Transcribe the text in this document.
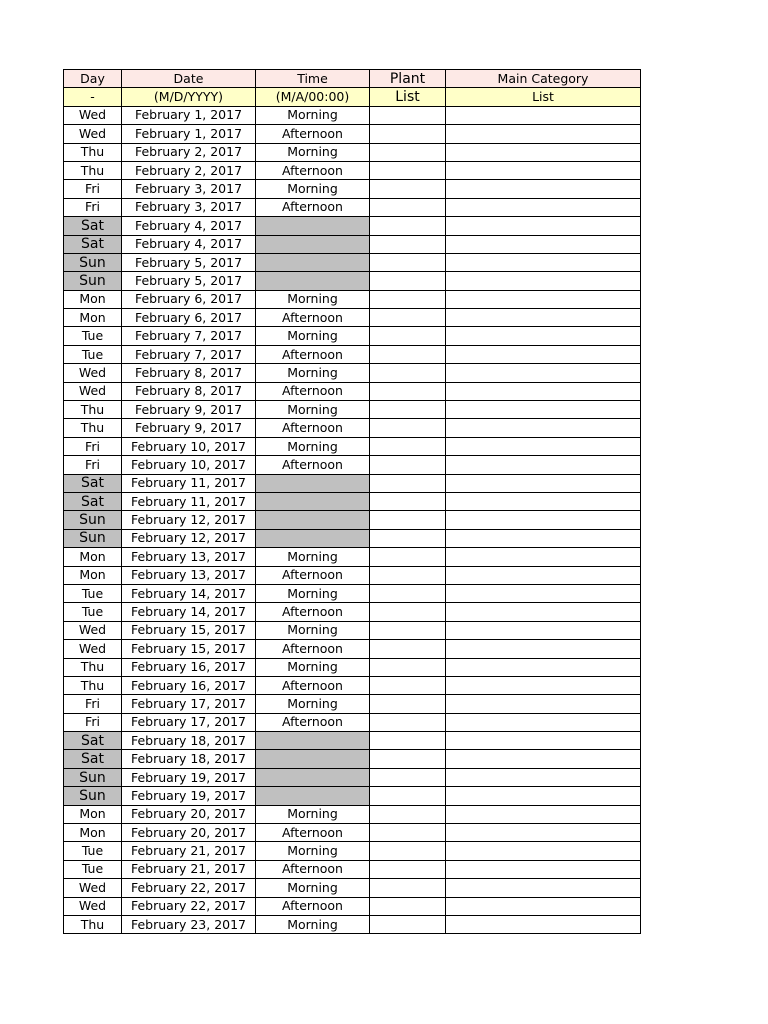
Day	Date	Time	Plant	Main Category
-	(M/D/YYYY)	(M/A/00:00)	List	List
Wed	February 1, 2017	Morning		
Wed	February 1, 2017	Afternoon		
Thu	February 2, 2017	Morning		
Thu	February 2, 2017	Afternoon		
Fri	February 3, 2017	Morning		
Fri	February 3, 2017	Afternoon		
Sat	February 4, 2017			
Sat	February 4, 2017			
Sun	February 5, 2017			
Sun	February 5, 2017			
Mon	February 6, 2017	Morning		
Mon	February 6, 2017	Afternoon		
Tue	February 7, 2017	Morning		
Tue	February 7, 2017	Afternoon		
Wed	February 8, 2017	Morning		
Wed	February 8, 2017	Afternoon		
Thu	February 9, 2017	Morning		
Thu	February 9, 2017	Afternoon		
Fri	February 10, 2017	Morning		
Fri	February 10, 2017	Afternoon		
Sat	February 11, 2017			
Sat	February 11, 2017			
Sun	February 12, 2017			
Sun	February 12, 2017			
Mon	February 13, 2017	Morning		
Mon	February 13, 2017	Afternoon		
Tue	February 14, 2017	Morning		
Tue	February 14, 2017	Afternoon		
Wed	February 15, 2017	Morning		
Wed	February 15, 2017	Afternoon		
Thu	February 16, 2017	Morning		
Thu	February 16, 2017	Afternoon		
Fri	February 17, 2017	Morning		
Fri	February 17, 2017	Afternoon		
Sat	February 18, 2017			
Sat	February 18, 2017			
Sun	February 19, 2017			
Sun	February 19, 2017			
Mon	February 20, 2017	Morning		
Mon	February 20, 2017	Afternoon		
Tue	February 21, 2017	Morning		
Tue	February 21, 2017	Afternoon		
Wed	February 22, 2017	Morning		
Wed	February 22, 2017	Afternoon		
Thu	February 23, 2017	Morning		
